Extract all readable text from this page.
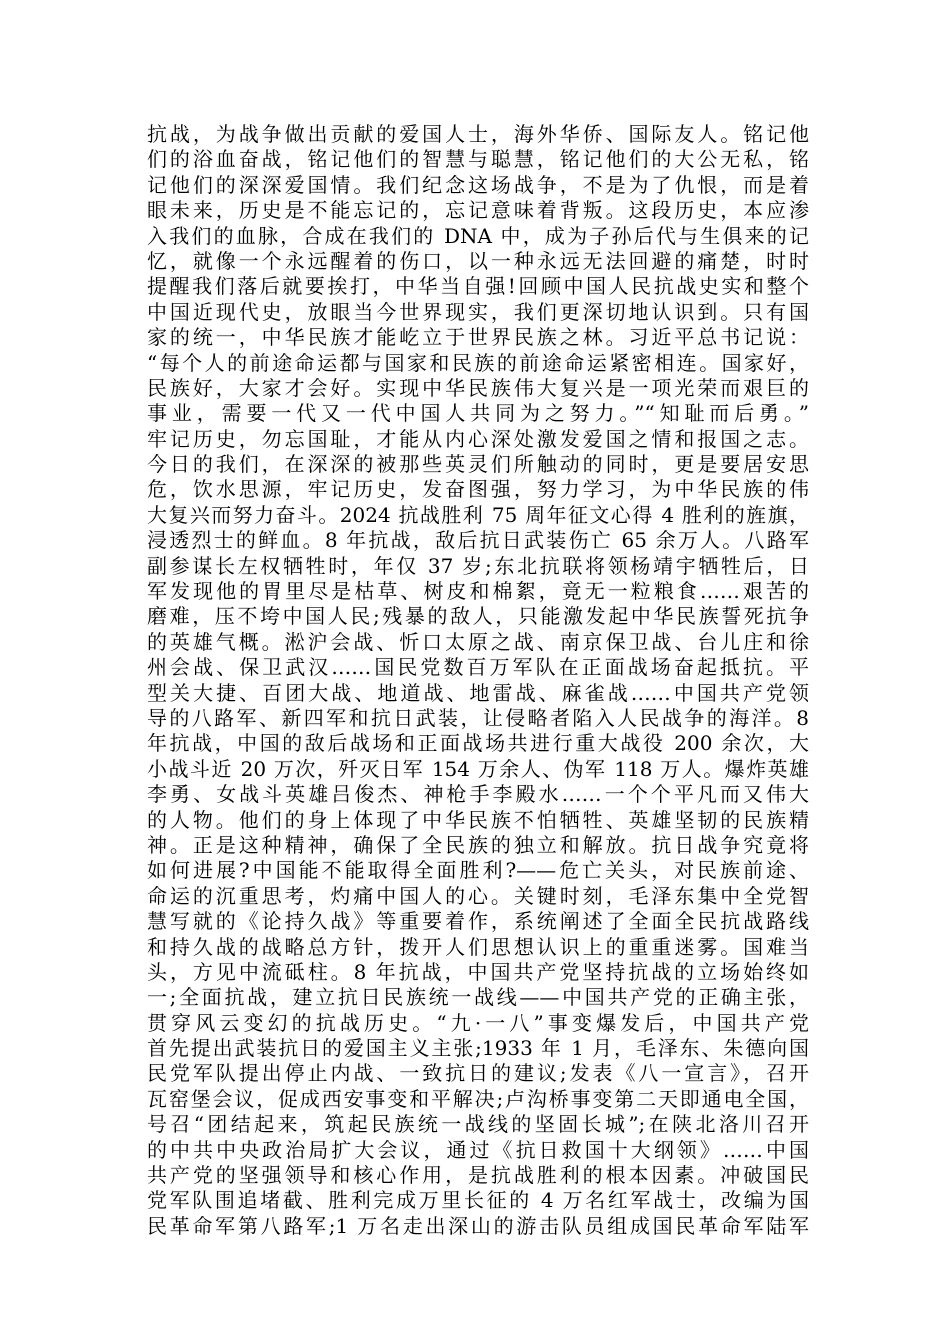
抗战，为战争做出贡献的爱国人士，海外华侨、国际友人。铭记他
们的浴血奋战，铭记他们的智慧与聪慧，铭记他们的大公无私，铭
记他们的深深爱国情。我们纪念这场战争，不是为了仇恨，而是着
眼未来，历史是不能忘记的，忘记意味着背叛。这段历史，本应渗
入我们的血脉，合成在我们的 DNA 中，成为子孙后代与生俱来的记
忆，就像一个永远醒着的伤口，以一种永远无法回避的痛楚，时时
提醒我们落后就要挨打，中华当自强!回顾中国人民抗战史实和整个
中国近现代史，放眼当今世界现实，我们更深切地认识到。只有国
家的统一，中华民族才能屹立于世界民族之林。习近平总书记说：
“每个人的前途命运都与国家和民族的前途命运紧密相连。国家好，
民族好，大家才会好。实现中华民族伟大复兴是一项光荣而艰巨的
事业，需要一代又一代中国人共同为之努力。”“知耻而后勇。”
牢记历史，勿忘国耻，才能从内心深处激发爱国之情和报国之志。
今日的我们，在深深的被那些英灵们所触动的同时，更是要居安思
危，饮水思源，牢记历史，发奋图强，努力学习，为中华民族的伟
大复兴而努力奋斗。2024 抗战胜利 75 周年征文心得 4 胜利的旌旗，
浸透烈士的鲜血。8 年抗战，敌后抗日武装伤亡 65 余万人。八路军
副参谋长左权牺牲时，年仅 37 岁;东北抗联将领杨靖宇牺牲后，日
军发现他的胃里尽是枯草、树皮和棉絮，竟无一粒粮食……艰苦的
磨难，压不垮中国人民;残暴的敌人，只能激发起中华民族誓死抗争
的英雄气概。淞沪会战、忻口太原之战、南京保卫战、台儿庄和徐
州会战、保卫武汉……国民党数百万军队在正面战场奋起抵抗。平
型关大捷、百团大战、地道战、地雷战、麻雀战……中国共产党领
导的八路军、新四军和抗日武装，让侵略者陷入人民战争的海洋。8
年抗战，中国的敌后战场和正面战场共进行重大战役 200 余次，大
小战斗近 20 万次，歼灭日军 154 万余人、伪军 118 万人。爆炸英雄
李勇、女战斗英雄吕俊杰、神枪手李殿水……一个个平凡而又伟大
的人物。他们的身上体现了中华民族不怕牺牲、英雄坚韧的民族精
神。正是这种精神，确保了全民族的独立和解放。抗日战争究竟将
如何进展?中国能不能取得全面胜利?——危亡关头，对民族前途、
命运的沉重思考，灼痛中国人的心。关键时刻，毛泽东集中全党智
慧写就的《论持久战》等重要着作，系统阐述了全面全民抗战路线
和持久战的战略总方针，拨开人们思想认识上的重重迷雾。国难当
头，方见中流砥柱。8 年抗战，中国共产党坚持抗战的立场始终如
一;全面抗战，建立抗日民族统一战线——中国共产党的正确主张，
贯穿风云变幻的抗战历史。“九·一八”事变爆发后，中国共产党
首先提出武装抗日的爱国主义主张;1933 年 1 月，毛泽东、朱德向国
民党军队提出停止内战、一致抗日的建议;发表《八一宣言》，召开
瓦窑堡会议，促成西安事变和平解决;卢沟桥事变第二天即通电全国，
号召“团结起来，筑起民族统一战线的坚固长城”;在陕北洛川召开
的中共中央政治局扩大会议，通过《抗日救国十大纲领》……中国
共产党的坚强领导和核心作用，是抗战胜利的根本因素。冲破国民
党军队围追堵截、胜利完成万里长征的 4 万名红军战士，改编为国
民革命军第八路军;1 万名走出深山的游击队员组成国民革命军陆军
